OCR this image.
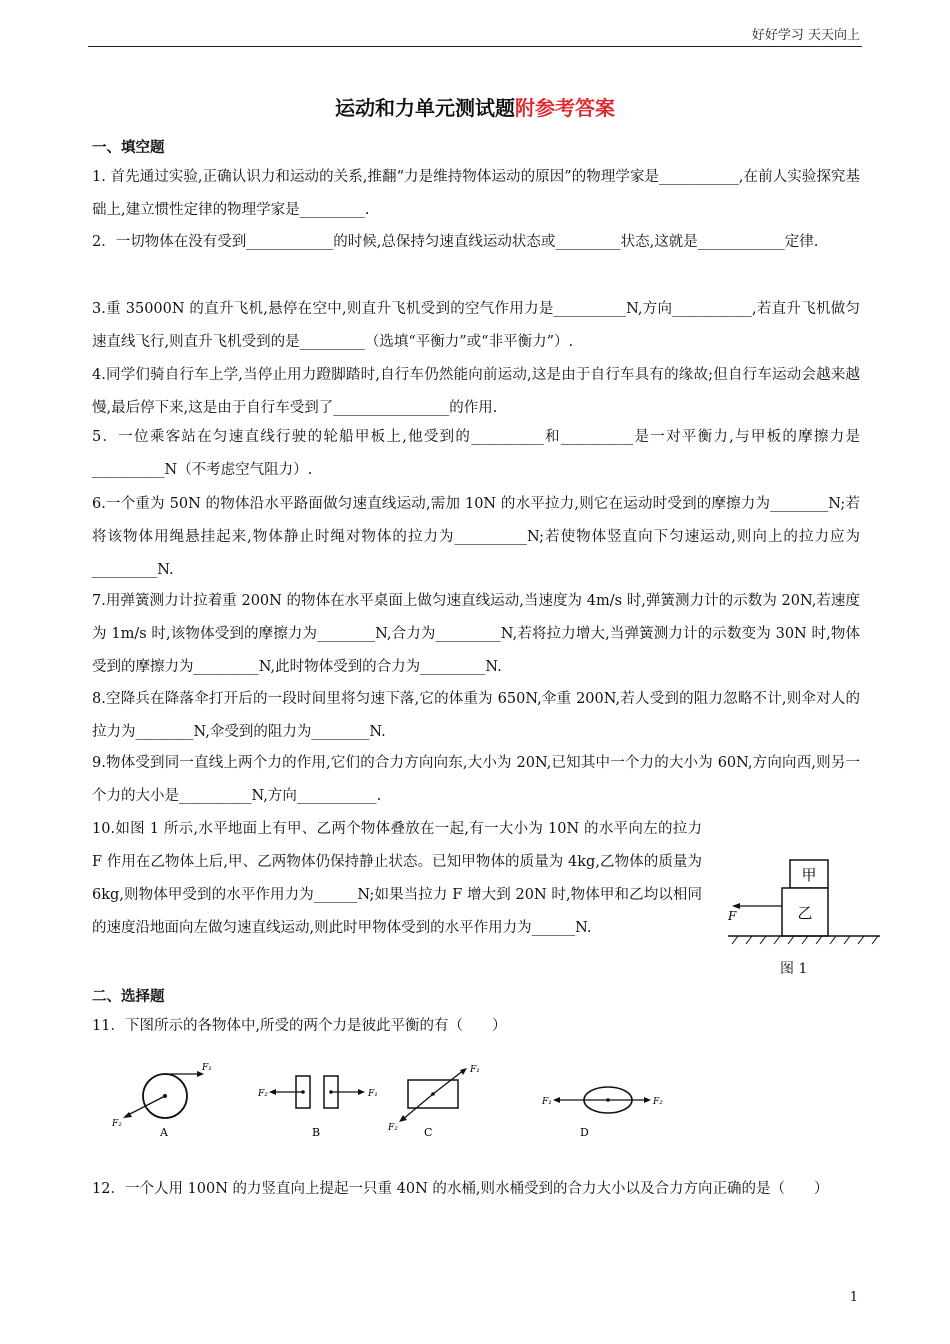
好好学习 天天向上
运动和力单元测试题附参考答案
一、填空题
1. 首先通过实验,正确认识力和运动的关系,推翻“力是维持物体运动的原因”的物理学家是___________,在前人实验探究基础上,建立惯性定律的物理学家是_________.
2．一切物体在没有受到____________的时候,总保持匀速直线运动状态或_________状态,这就是____________定律.
3.重 35000N 的直升飞机,悬停在空中,则直升飞机受到的空气作用力是__________N,方向___________,若直升飞机做匀速直线飞行,则直升飞机受到的是_________（选填“平衡力”或“非平衡力”）.
4.同学们骑自行车上学,当停止用力蹬脚踏时,自行车仍然能向前运动,这是由于自行车具有的缘故;但自行车运动会越来越慢,最后停下来,这是由于自行车受到了________________的作用.
5．一位乘客站在匀速直线行驶的轮船甲板上,他受到的__________和__________是一对平衡力,与甲板的摩擦力是__________N（不考虑空气阻力）.
6.一个重为 50N 的物体沿水平路面做匀速直线运动,需加 10N 的水平拉力,则它在运动时受到的摩擦力为________N;若将该物体用绳悬挂起来,物体静止时绳对物体的拉力为__________N;若使物体竖直向下匀速运动,则向上的拉力应为_________N.
7.用弹簧测力计拉着重 200N 的物体在水平桌面上做匀速直线运动,当速度为 4m/s 时,弹簧测力计的示数为 20N,若速度为 1m/s 时,该物体受到的摩擦力为________N,合力为_________N,若将拉力增大,当弹簧测力计的示数变为 30N 时,物体受到的摩擦力为_________N,此时物体受到的合力为_________N.
8.空降兵在降落伞打开后的一段时间里将匀速下落,它的体重为 650N,伞重 200N,若人受到的阻力忽略不计,则伞对人的拉力为________N,伞受到的阻力为________N.
9.物体受到同一直线上两个力的作用,它们的合力方向向东,大小为 20N,已知其中一个力的大小为 60N,方向向西,则另一个力的大小是__________N,方向___________.
10.如图 1 所示,水平地面上有甲、乙两个物体叠放在一起,有一大小为 10N 的水平向左的拉力 F 作用在乙物体上后,甲、乙两物体仍保持静止状态。已知甲物体的质量为 4kg,乙物体的质量为 6kg,则物体甲受到的水平作用力为______N;如果当拉力 F 增大到 20N 时,物体甲和乙均以相同的速度沿地面向左做匀速直线运动,则此时甲物体受到的水平作用力为______N.
甲
乙
F
图 1
二、选择题
11．下图所示的各物体中,所受的两个力是彼此平衡的有（　　）
F₁
F₂
A
F₂	F₁
B
F₁
F₂ C
F₁	F₂
D
12．一个人用 100N 的力竖直向上提起一只重 40N 的水桶,则水桶受到的合力大小以及合力方向正确的是（　　）
1
